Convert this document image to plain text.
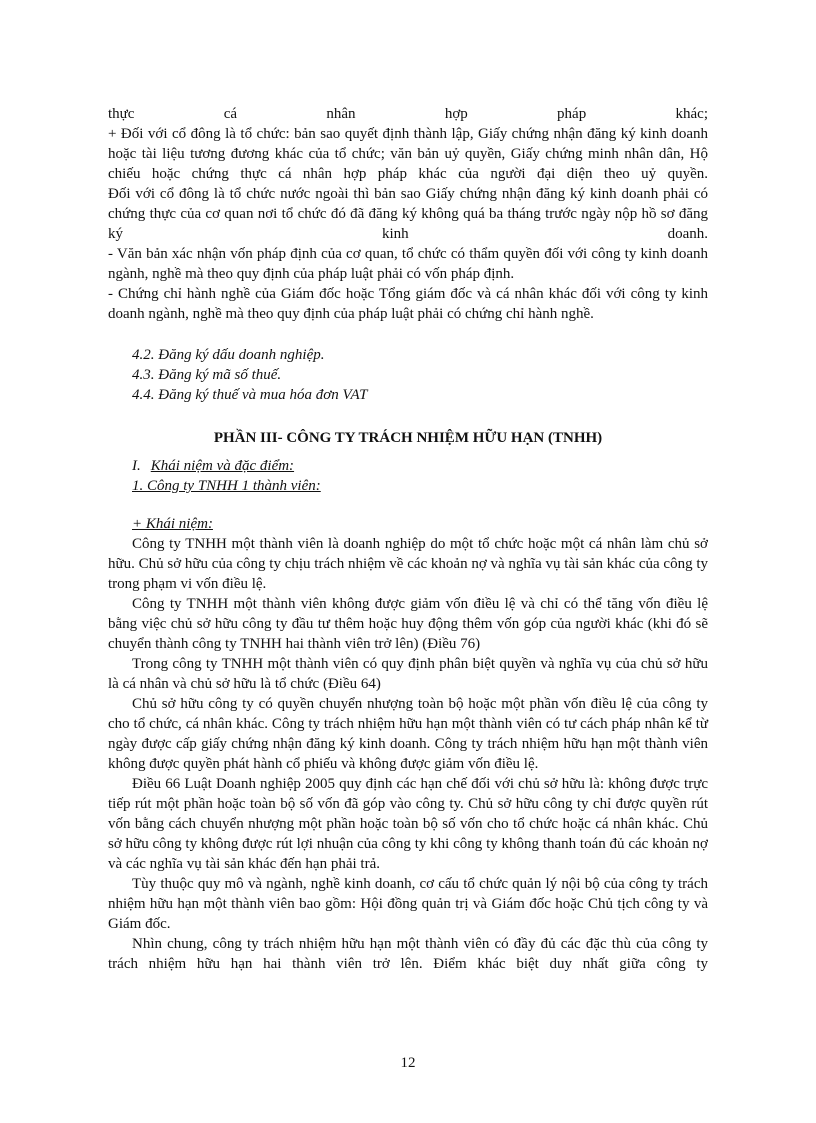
thực cá nhân hợp pháp khác;

+ Đối với cổ đông là tổ chức: bản sao quyết định thành lập, Giấy chứng nhận đăng ký kinh doanh hoặc tài liệu tương đương khác của tổ chức; văn bản uỷ quyền, Giấy chứng minh nhân dân, Hộ chiếu hoặc chứng thực cá nhân hợp pháp khác của người đại diện theo uỷ quyền.

Đối với cổ đông là tổ chức nước ngoài thì bản sao Giấy chứng nhận đăng ký kinh doanh phải có chứng thực của cơ quan nơi tổ chức đó đã đăng ký không quá ba tháng trước ngày nộp hồ sơ đăng ký kinh doanh.

- Văn bản xác nhận vốn pháp định của cơ quan, tổ chức có thẩm quyền đối với công ty kinh doanh ngành, nghề mà theo quy định của pháp luật phải có vốn pháp định.

- Chứng chỉ hành nghề của Giám đốc hoặc Tổng giám đốc và cá nhân khác đối với công ty kinh doanh ngành, nghề mà theo quy định của pháp luật phải có chứng chỉ hành nghề.

4.2. Đăng ký dấu doanh nghiệp.

4.3. Đăng ký mã số thuế.

4.4. Đăng ký thuế và mua hóa đơn VAT

PHẦN III- CÔNG TY TRÁCH NHIỆM HỮU HẠN (TNHH)

I. Khái niệm và đặc điểm:

1. Công ty TNHH 1 thành viên:

+ Khái niệm:

Công ty TNHH một thành viên là doanh nghiệp do một tổ chức hoặc một cá nhân làm chủ sở hữu. Chủ sở hữu của công ty chịu trách nhiệm về các khoản nợ và nghĩa vụ tài sản khác của công ty trong phạm vi vốn điều lệ.

Công ty TNHH một thành viên không được giảm vốn điều lệ và chỉ có thể tăng vốn điều lệ bằng việc chủ sở hữu công ty đầu tư thêm hoặc huy động thêm vốn góp của người khác (khi đó sẽ chuyển thành công ty TNHH hai thành viên trở lên) (Điều 76)

Trong công ty TNHH một thành viên có quy định phân biệt quyền và nghĩa vụ của chủ sở hữu là cá nhân và chủ sở hữu là tổ chức (Điều 64)

Chủ sở hữu công ty có quyền chuyển nhượng toàn bộ hoặc một phần vốn điều lệ của công ty cho tổ chức, cá nhân khác. Công ty trách nhiệm hữu hạn một thành viên có tư cách pháp nhân kể từ ngày được cấp giấy chứng nhận đăng ký kinh doanh. Công ty trách nhiệm hữu hạn một thành viên không được quyền phát hành cổ phiếu và không được giảm vốn điều lệ.

Điều 66 Luật Doanh nghiệp 2005 quy định các hạn chế đối với chủ sở hữu là: không được trực tiếp rút một phần hoặc toàn bộ số vốn đã góp vào công ty. Chủ sở hữu công ty chỉ được quyền rút vốn bằng cách chuyển nhượng một phần hoặc toàn bộ số vốn cho tổ chức hoặc cá nhân khác. Chủ sở hữu công ty không được rút lợi nhuận của công ty khi công ty không thanh toán đủ các khoản nợ và các nghĩa vụ tài sản khác đến hạn phải trả.

Tùy thuộc quy mô và ngành, nghề kinh doanh, cơ cấu tổ chức quản lý nội bộ của công ty trách nhiệm hữu hạn một thành viên bao gồm: Hội đồng quản trị và Giám đốc hoặc Chủ tịch công ty và Giám đốc.

Nhìn chung, công ty trách nhiệm hữu hạn một thành viên có đầy đủ các đặc thù của công ty trách nhiệm hữu hạn hai thành viên trở lên. Điểm khác biệt duy nhất giữa công ty

12
